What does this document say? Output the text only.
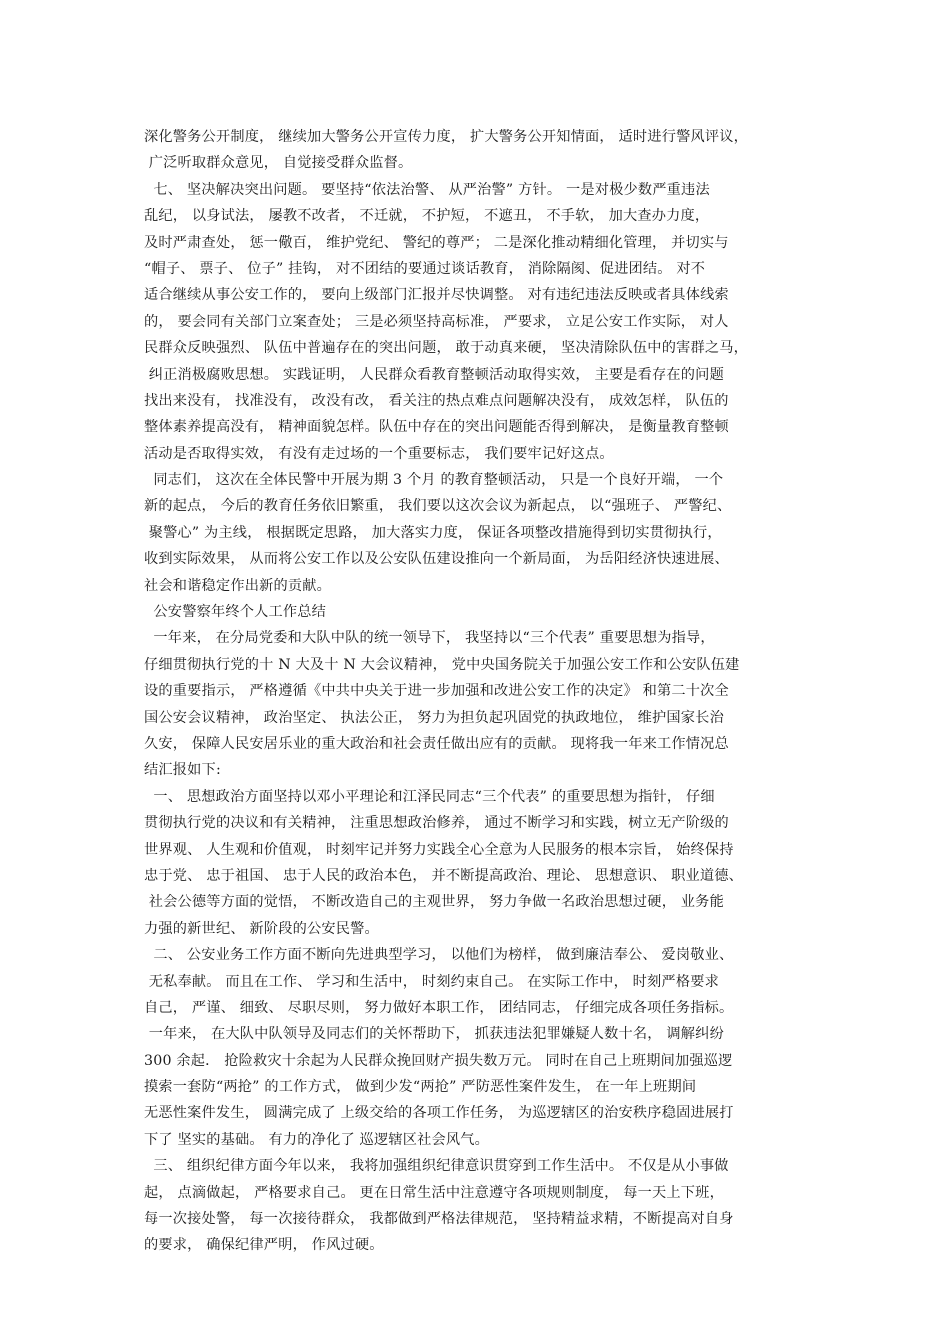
深化警务公开制度， 继续加大警务公开宣传力度， 扩大警务公开知情面， 适时进行警风评议，
广泛听取群众意见， 自觉接受群众监督。
七、 坚决解决突出问题。 要坚持“依法治警、 从严治警” 方针。 一是对极少数严重违法
乱纪， 以身试法， 屡教不改者， 不迁就， 不护短， 不遮丑， 不手软， 加大查办力度，
及时严肃查处， 惩一儆百， 维护党纪、 警纪的尊严； 二是深化推动精细化管理， 并切实与
“帽子、 票子、 位子” 挂钩， 对不团结的要通过谈话教育， 消除隔阂、促进团结。 对不
适合继续从事公安工作的， 要向上级部门汇报并尽快调整。 对有违纪违法反映或者具体线索
的， 要会同有关部门立案查处； 三是必须坚持高标准， 严要求， 立足公安工作实际， 对人
民群众反映强烈、 队伍中普遍存在的突出问题， 敢于动真来硬， 坚决清除队伍中的害群之马，
纠正消极腐败思想。 实践证明， 人民群众看教育整顿活动取得实效， 主要是看存在的问题
找出来没有， 找准没有， 改没有改， 看关注的热点难点问题解决没有， 成效怎样， 队伍的
整体素养提高没有， 精神面貌怎样。队伍中存在的突出问题能否得到解决， 是衡量教育整顿
活动是否取得实效， 有没有走过场的一个重要标志， 我们要牢记好这点。
同志们， 这次在全体民警中开展为期 3 个月 的教育整顿活动， 只是一个良好开端， 一个
新的起点， 今后的教育任务依旧繁重， 我们要以这次会议为新起点， 以“强班子、 严警纪、
聚警心” 为主线， 根据既定思路， 加大落实力度， 保证各项整改措施得到切实贯彻执行，
收到实际效果， 从而将公安工作以及公安队伍建设推向一个新局面， 为岳阳经济快速进展、
社会和谐稳定作出新的贡献。
公安警察年终个人工作总结
一年来， 在分局党委和大队中队的统一领导下， 我坚持以“三个代表” 重要思想为指导，
仔细贯彻执行党的十 N 大及十 N 大会议精神， 党中央国务院关于加强公安工作和公安队伍建
设的重要指示， 严格遵循《中共中央关于进一步加强和改进公安工作的决定》 和第二十次全
国公安会议精神， 政治坚定、 执法公正， 努力为担负起巩固党的执政地位， 维护国家长治
久安， 保障人民安居乐业的重大政治和社会责任做出应有的贡献。 现将我一年来工作情况总
结汇报如下:
一、 思想政治方面坚持以邓小平理论和江泽民同志“三个代表” 的重要思想为指针， 仔细
贯彻执行党的决议和有关精神， 注重思想政治修养， 通过不断学习和实践，树立无产阶级的
世界观、 人生观和价值观， 时刻牢记并努力实践全心全意为人民服务的根本宗旨， 始终保持
忠于党、 忠于祖国、 忠于人民的政治本色， 并不断提高政治、理论、 思想意识、 职业道德、
社会公德等方面的觉悟， 不断改造自己的主观世界， 努力争做一名政治思想过硬， 业务能
力强的新世纪、 新阶段的公安民警。
二、 公安业务工作方面不断向先进典型学习， 以他们为榜样， 做到廉洁奉公、 爱岗敬业、
无私奉献。 而且在工作、 学习和生活中， 时刻约束自己。 在实际工作中， 时刻严格要求
自己， 严谨、 细致、 尽职尽则， 努力做好本职工作， 团结同志， 仔细完成各项任务指标。
一年来， 在大队中队领导及同志们的关怀帮助下， 抓获违法犯罪嫌疑人数十名， 调解纠纷
300 余起． 抢险救灾十余起为人民群众挽回财产损失数万元。 同时在自己上班期间加强巡逻
摸索一套防“两抢” 的工作方式， 做到少发“两抢” 严防恶性案件发生， 在一年上班期间
无恶性案件发生， 圆满完成了 上级交给的各项工作任务， 为巡逻辖区的治安秩序稳固进展打
下了 坚实的基础。 有力的净化了 巡逻辖区社会风气。
三、 组织纪律方面今年以来， 我将加强组织纪律意识贯穿到工作生活中。 不仅是从小事做
起， 点滴做起， 严格要求自己。 更在日常生活中注意遵守各项规则制度， 每一天上下班，
每一次接处警， 每一次接待群众， 我都做到严格法律规范， 坚持精益求精，不断提高对自身
的要求， 确保纪律严明， 作风过硬。
